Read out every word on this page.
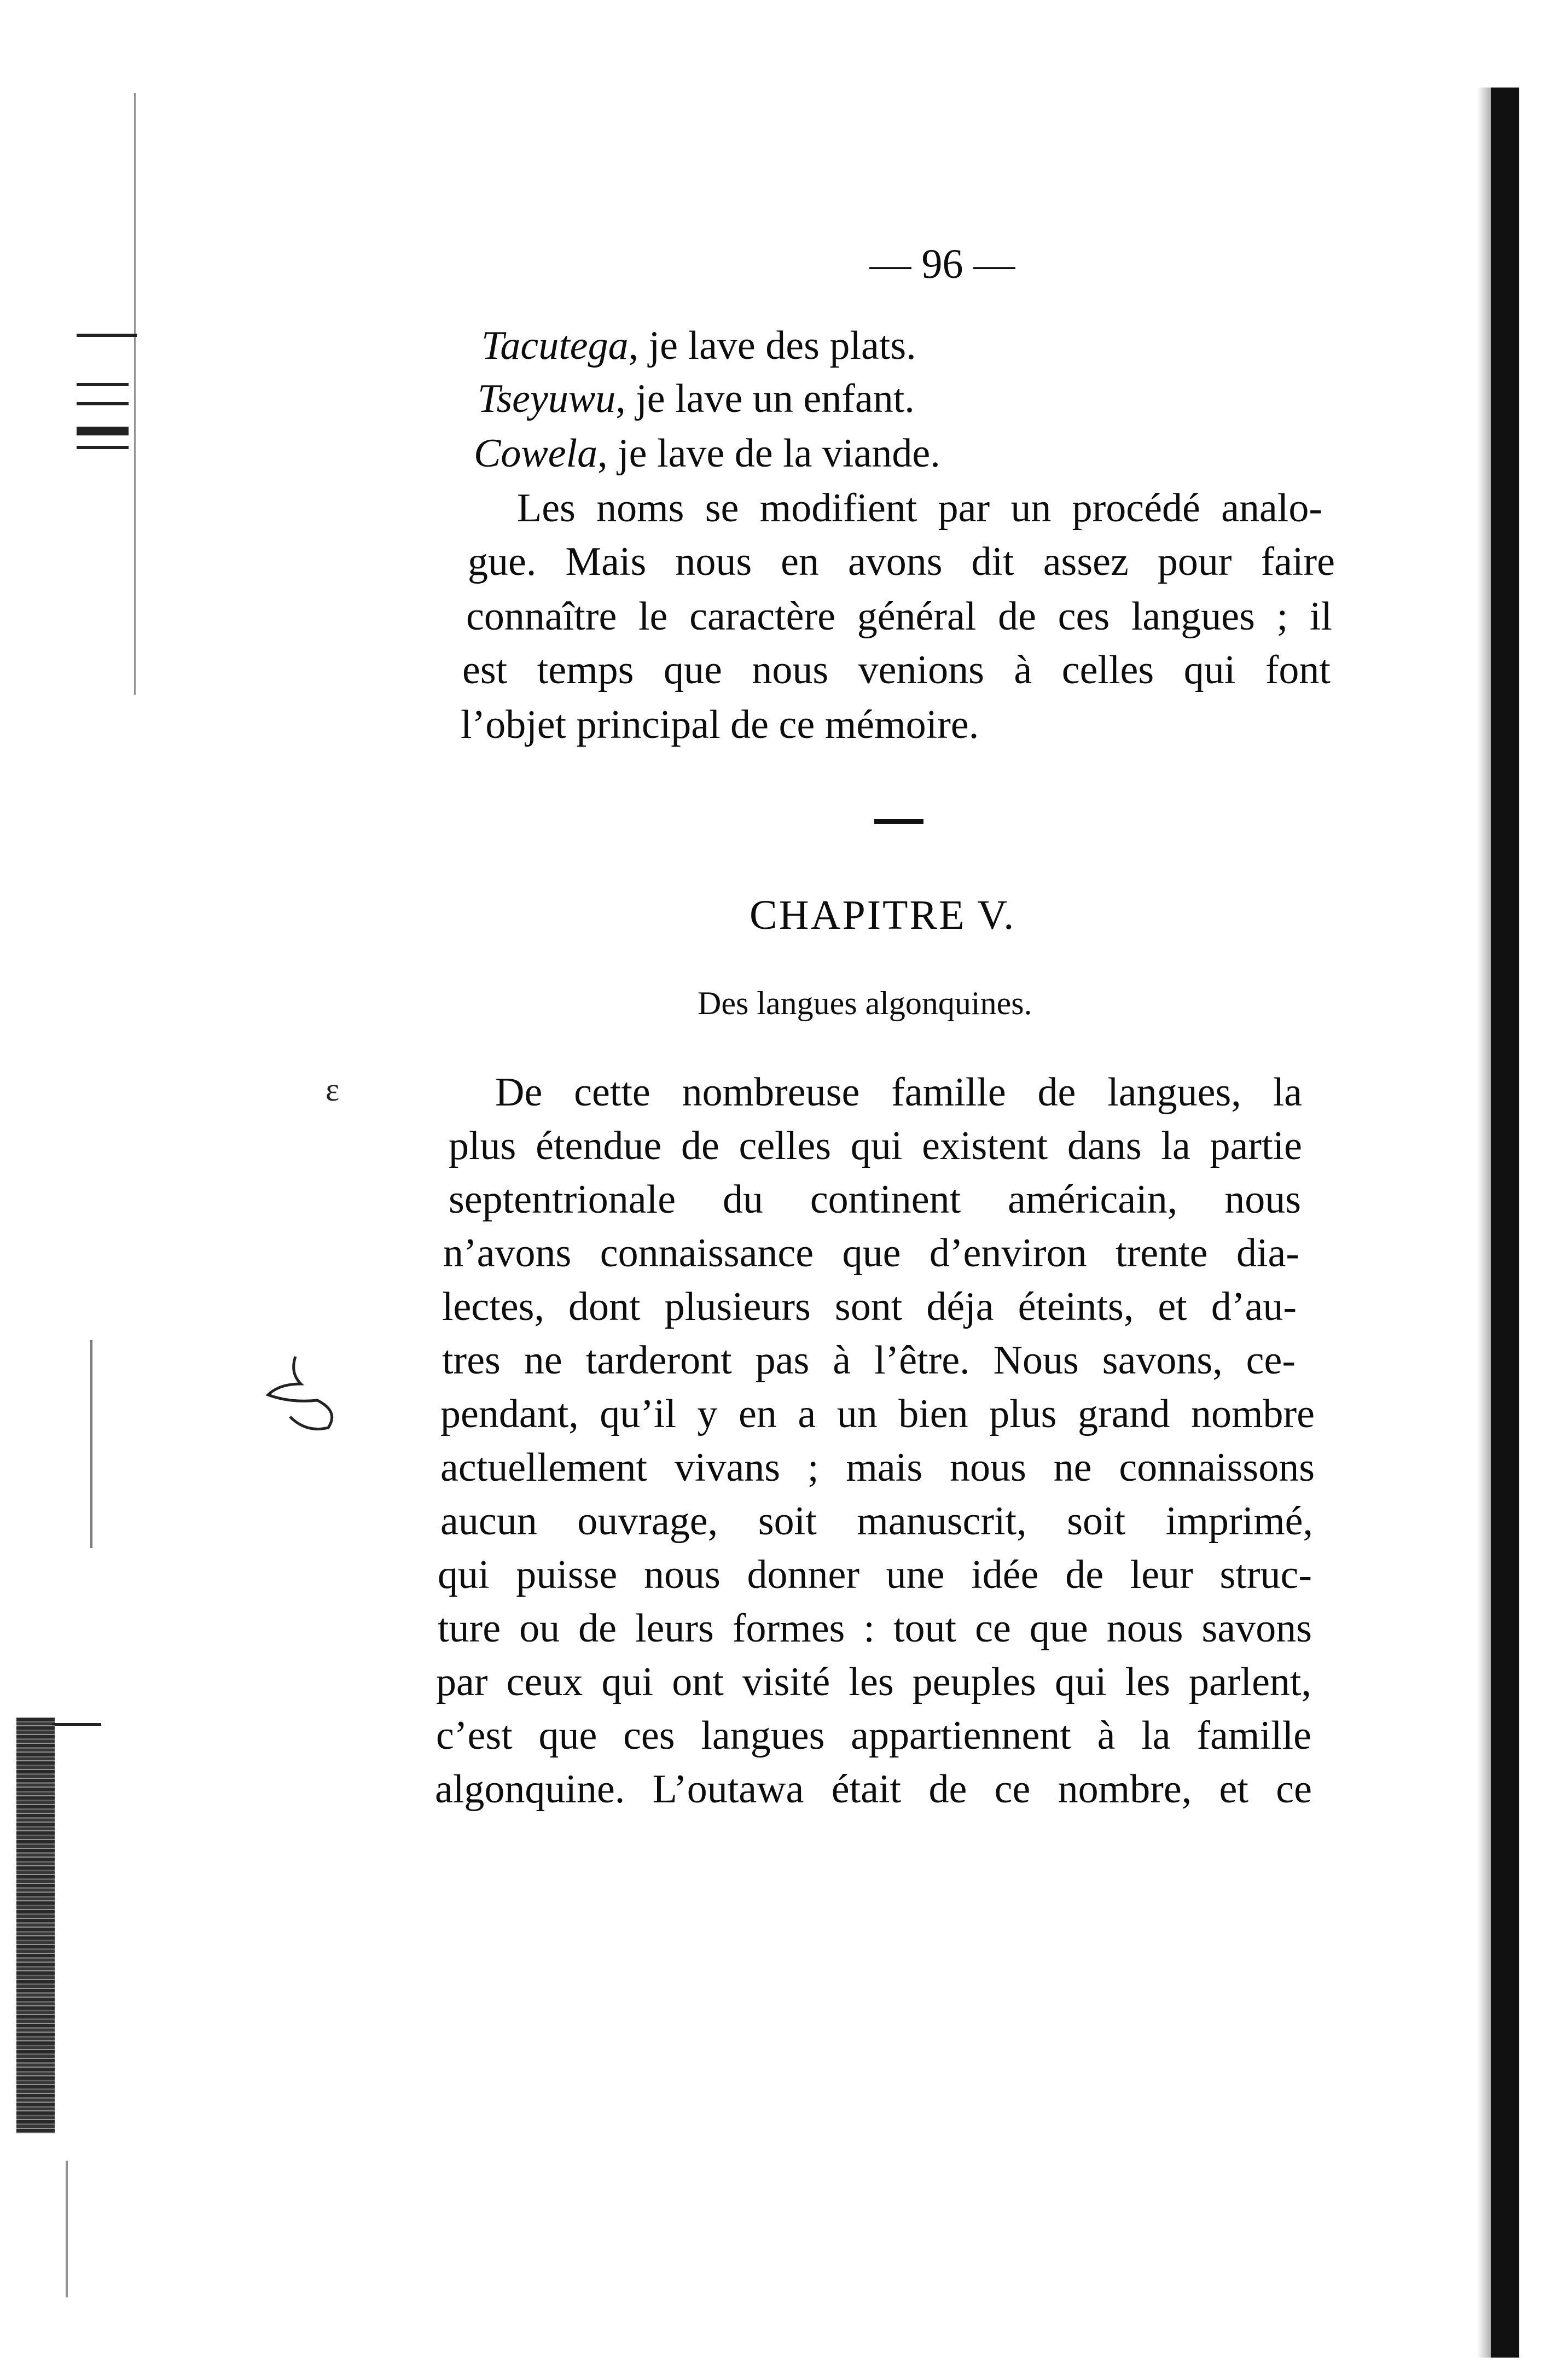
— 96 —
Tacutega, je lave des plats.
Tseyuwu, je lave un enfant.
Cowela, je lave de la viande.
Les noms se modifient par un procédé analo-
gue. Mais nous en avons dit assez pour faire
connaître le caractère général de ces langues ; il
est temps que nous venions à celles qui font
l’objet principal de ce mémoire.
CHAPITRE V.
Des langues algonquines.
ε	De cette nombreuse famille de langues, la
plus étendue de celles qui existent dans la partie
septentrionale du continent américain, nous
n’avons connaissance que d’environ trente dia-
lectes, dont plusieurs sont déja éteints, et d’au-
tres ne tarderont pas à l’être. Nous savons, ce-
pendant, qu’il y en a un bien plus grand nombre
actuellement vivans ; mais nous ne connaissons
aucun ouvrage, soit manuscrit, soit imprimé,
qui puisse nous donner une idée de leur struc-
ture ou de leurs formes : tout ce que nous savons
par ceux qui ont visité les peuples qui les parlent,
c’est que ces langues appartiennent à la famille
algonquine. L’outawa était de ce nombre, et ce
